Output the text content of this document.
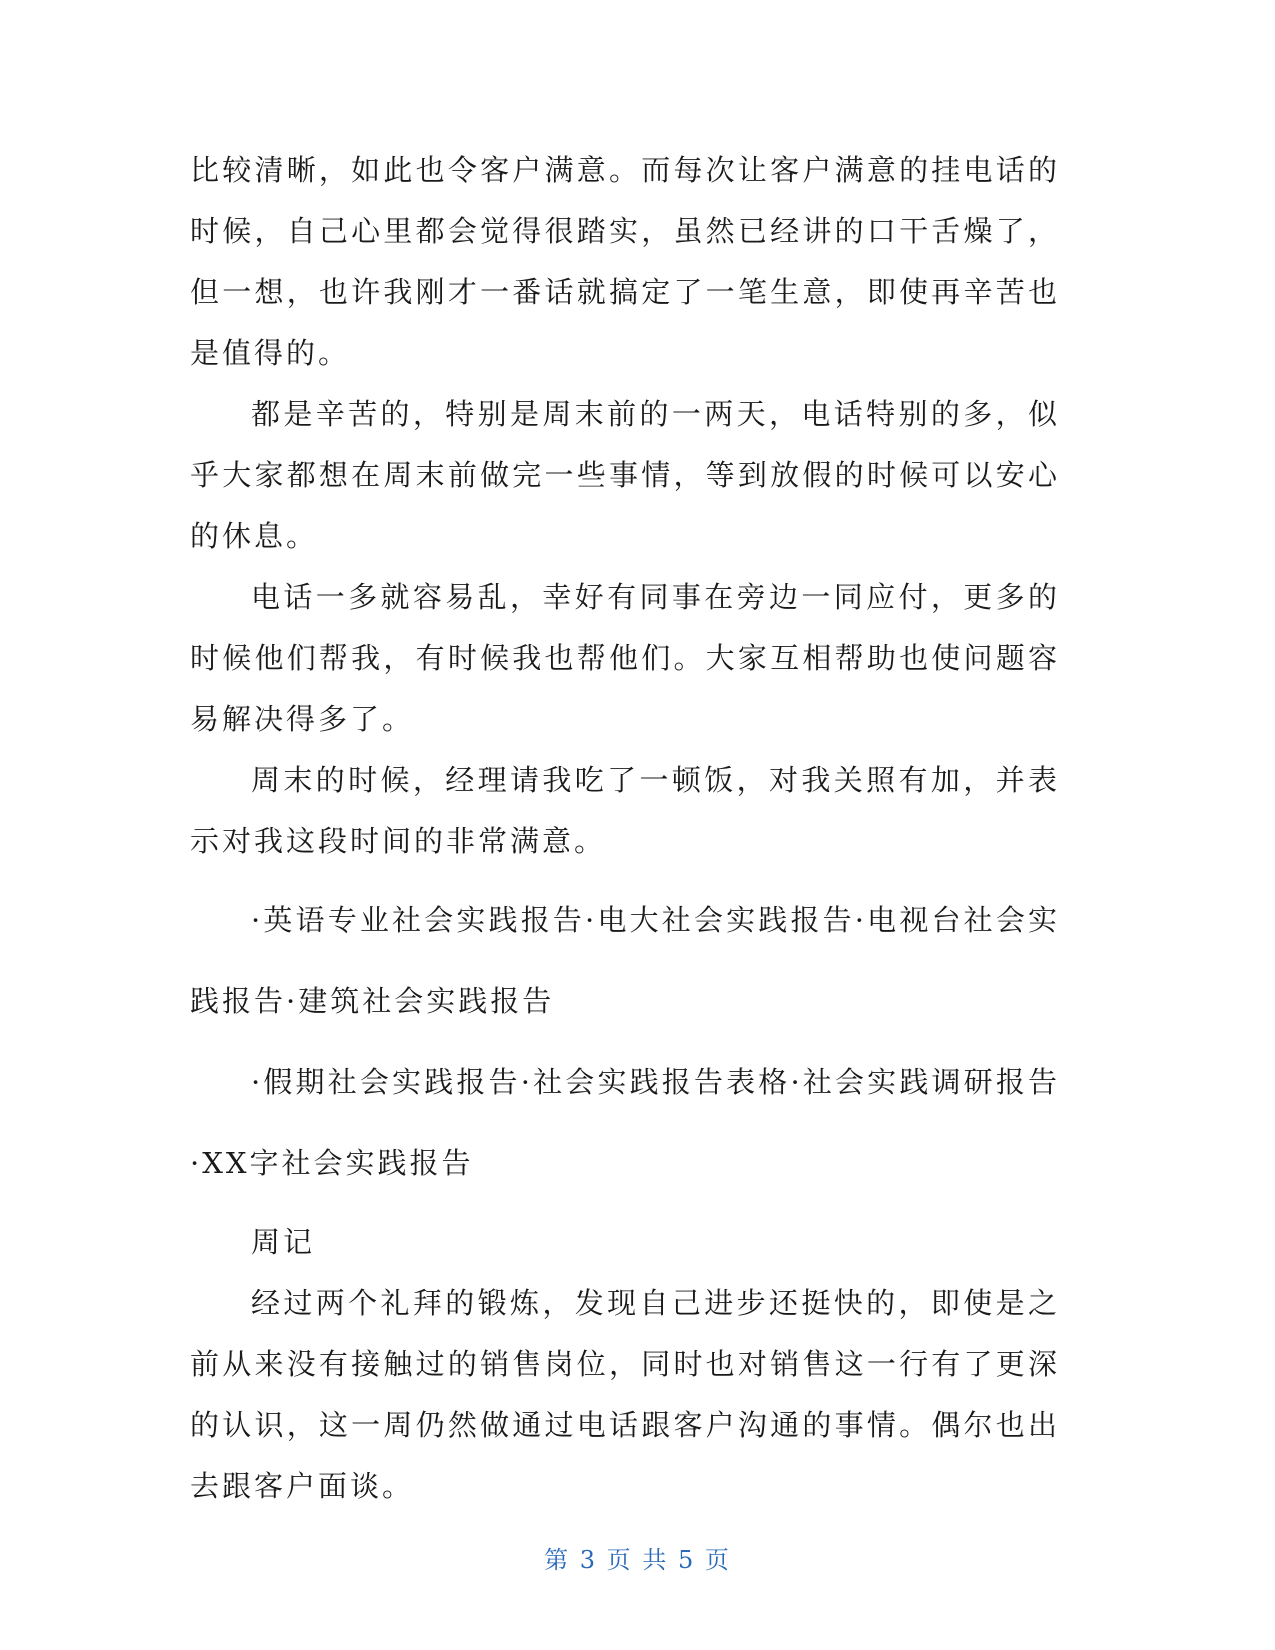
比较清晰，如此也令客户满意。而每次让客户满意的挂电话的时候，自己心里都会觉得很踏实，虽然已经讲的口干舌燥了，但一想，也许我刚才一番话就搞定了一笔生意，即使再辛苦也是值得的。

都是辛苦的，特别是周末前的一两天，电话特别的多，似乎大家都想在周末前做完一些事情，等到放假的时候可以安心的休息。

电话一多就容易乱，幸好有同事在旁边一同应付，更多的时候他们帮我，有时候我也帮他们。大家互相帮助也使问题容易解决得多了。

周末的时候，经理请我吃了一顿饭，对我关照有加，并表示对我这段时间的非常满意。

·英语专业社会实践报告·电大社会实践报告·电视台社会实践报告·建筑社会实践报告

·假期社会实践报告·社会实践报告表格·社会实践调研报告·XX字社会实践报告

周记

经过两个礼拜的锻炼，发现自己进步还挺快的，即使是之前从来没有接触过的销售岗位，同时也对销售这一行有了更深的认识，这一周仍然做通过电话跟客户沟通的事情。偶尔也出去跟客户面谈。

第 3 页 共 5 页
